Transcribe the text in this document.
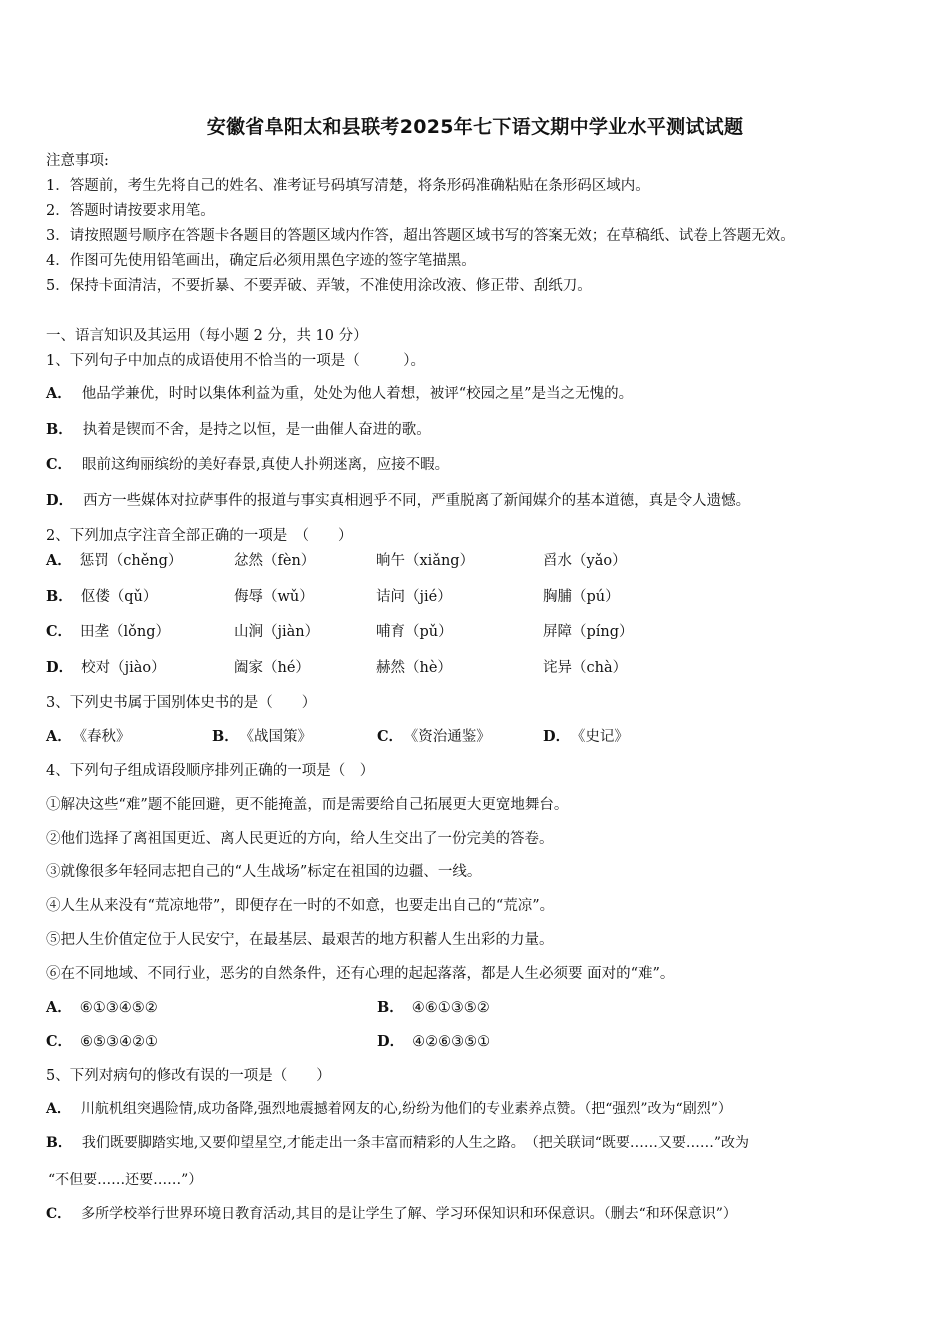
安徽省阜阳太和县联考2025年七下语文期中学业水平测试试题
注意事项:
1．答题前，考生先将自己的姓名、准考证号码填写清楚，将条形码准确粘贴在条形码区域内。
2．答题时请按要求用笔。
3．请按照题号顺序在答题卡各题目的答题区域内作答，超出答题区域书写的答案无效；在草稿纸、试卷上答题无效。
4．作图可先使用铅笔画出，确定后必须用黑色字迹的签字笔描黑。
5．保持卡面清洁，不要折暴、不要弄破、弄皱，不准使用涂改液、修正带、刮纸刀。
一、语言知识及其运用（每小题 2 分，共 10 分）
1、下列句子中加点的成语使用不恰当的一项是（　　　）。
A． 他品学兼优，时时以集体利益为重，处处为他人着想，被评“校园之星”是当之无愧的。
B． 执着是锲而不舍，是持之以恒，是一曲催人奋进的歌。
C． 眼前这绚丽缤纷的美好春景,真使人扑朔迷离，应接不暇。
D． 西方一些媒体对拉萨事件的报道与事实真相迥乎不同，严重脱离了新闻媒介的基本道德，真是令人遗憾。
2、下列加点字注音全部正确的一项是　（　　）
A． 惩罚（chěng）	忿然（fèn）	晌午（xiǎng）	舀水（yǎo）
B． 伛偻（qǔ）	侮辱（wǔ）	诘问（jié）	胸脯（pú）
C． 田垄（lǒng）	山涧（jiàn）	哺育（pǔ）	屏障（píng）
D． 校对（jiào）	阖家（hé）	赫然（hè）	诧异（chà）
3、下列史书属于国别体史书的是（　　）
A． 《春秋》	B． 《战国策》	C． 《资治通鉴》	D． 《史记》
4、下列句子组成语段顺序排列正确的一项是（　）
①解决这些“难”题不能回避，更不能掩盖，而是需要给自己拓展更大更宽地舞台。
②他们选择了离祖国更近、离人民更近的方向，给人生交出了一份完美的答卷。
③就像很多年轻同志把自己的“人生战场”标定在祖国的边疆、一线。
④人生从来没有“荒凉地带”，即便存在一时的不如意，也要走出自己的“荒凉”。
⑤把人生价值定位于人民安宁，在最基层、最艰苦的地方积蓄人生出彩的力量。
⑥在不同地域、不同行业，恶劣的自然条件，还有心理的起起落落，都是人生必须要 面对的“难”。
A． ⑥①③④⑤②	B． ④⑥①③⑤②
C． ⑥⑤③④②①	D． ④②⑥③⑤①
5、下列对病句的修改有误的一项是（　　）
A． 川航机组突遇险情,成功备降,强烈地震撼着网友的心,纷纷为他们的专业素养点赞。（把“强烈”改为“剧烈”）
B． 我们既要脚踏实地,又要仰望星空,才能走出一条丰富而精彩的人生之路。　（把关联词“既要……又要……”改为
“不但要……还要……”）
C． 多所学校举行世界环境日教育活动,其目的是让学生了解、学习环保知识和环保意识。（删去“和环保意识”）
